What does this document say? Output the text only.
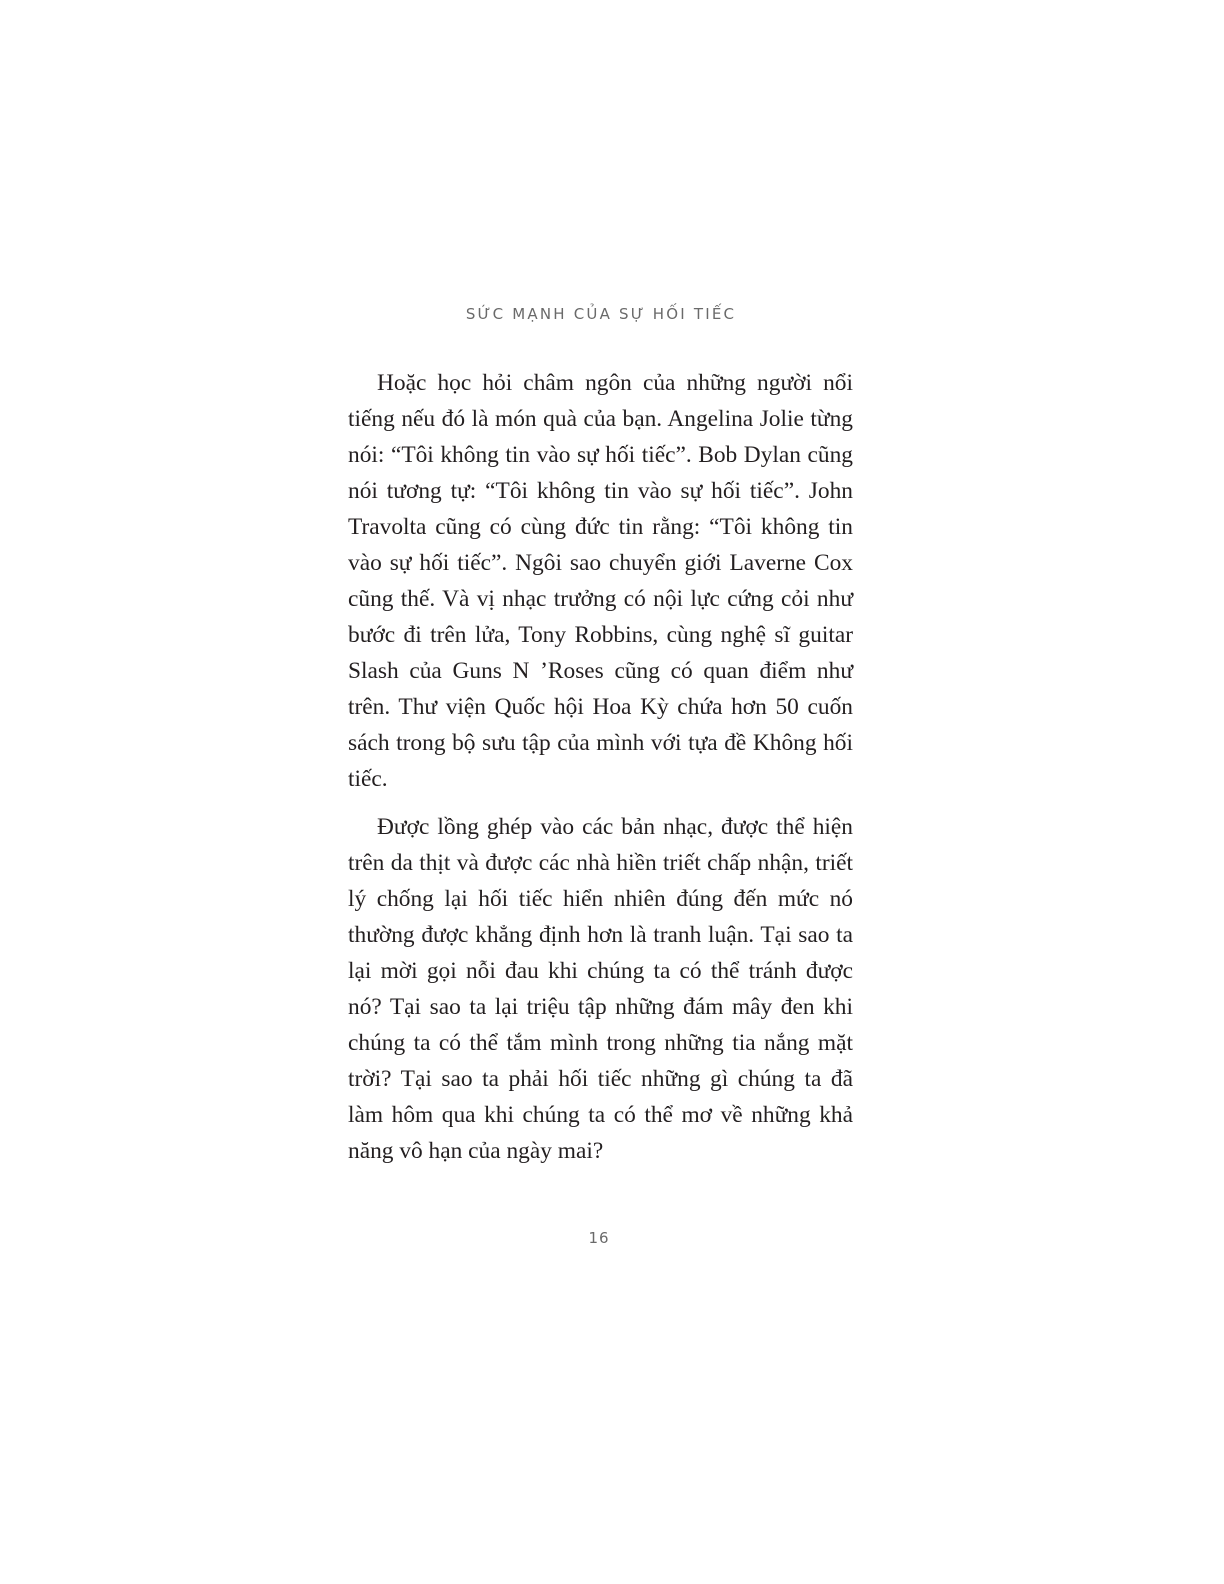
SỨC MẠNH CỦA SỰ HỐI TIẾC

Hoặc học hỏi châm ngôn của những người nổi tiếng nếu đó là món quà của bạn. Angelina Jolie từng nói: “Tôi không tin vào sự hối tiếc”. Bob Dylan cũng nói tương tự: “Tôi không tin vào sự hối tiếc”. John Travolta cũng có cùng đức tin rằng: “Tôi không tin vào sự hối tiếc”. Ngôi sao chuyển giới Laverne Cox cũng thế. Và vị nhạc trưởng có nội lực cứng cỏi như bước đi trên lửa, Tony Robbins, cùng nghệ sĩ guitar Slash của Guns N ’Roses cũng có quan điểm như trên. Thư viện Quốc hội Hoa Kỳ chứa hơn 50 cuốn sách trong bộ sưu tập của mình với tựa đề Không hối tiếc.

Được lồng ghép vào các bản nhạc, được thể hiện trên da thịt và được các nhà hiền triết chấp nhận, triết lý chống lại hối tiếc hiển nhiên đúng đến mức nó thường được khẳng định hơn là tranh luận. Tại sao ta lại mời gọi nỗi đau khi chúng ta có thể tránh được nó? Tại sao ta lại triệu tập những đám mây đen khi chúng ta có thể tắm mình trong những tia nắng mặt trời? Tại sao ta phải hối tiếc những gì chúng ta đã làm hôm qua khi chúng ta có thể mơ về những khả năng vô hạn của ngày mai?

16
